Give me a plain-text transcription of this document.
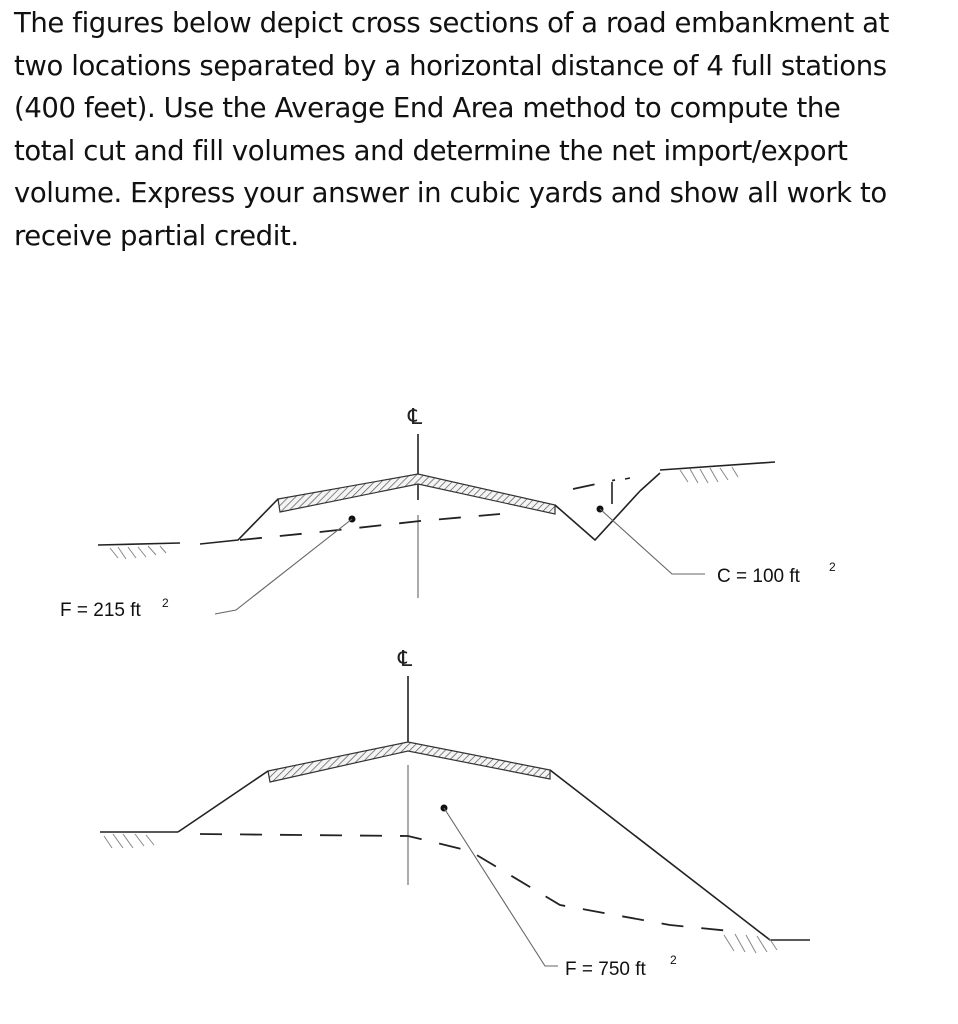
The figures below depict cross sections of a road embankment at
two locations separated by a horizontal distance of 4 full stations
(400 feet). Use the Average End Area method to compute the
total cut and fill volumes and determine the net import/export
volume. Express your answer in cubic yards and show all work to
receive partial credit.
℄
F = 215 ft 2
C = 100 ft 2
℄
F = 750 ft 2
